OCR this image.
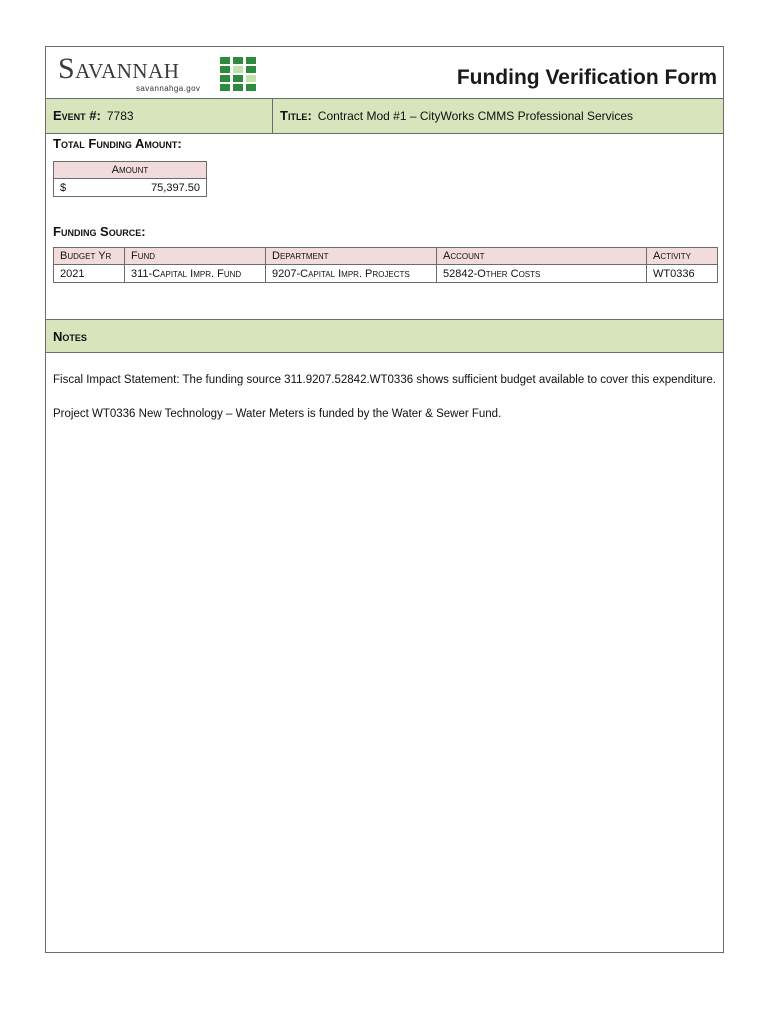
Savannah
savannahga.gov	Funding Verification Form
Event #: 7783	Title: Contract Mod #1 – CityWorks CMMS Professional Services
Total Funding Amount:
Amount
$	75,397.50
Funding Source:
Budget Yr	Fund	Department	Account	Activity
2021	311-Capital Impr. Fund	9207-Capital Impr. Projects	52842-Other Costs	WT0336
Notes

Fiscal Impact Statement: The funding source 311.9207.52842.WT0336 shows sufficient budget available to cover this expenditure.

Project WT0336 New Technology – Water Meters is funded by the Water & Sewer Fund.
